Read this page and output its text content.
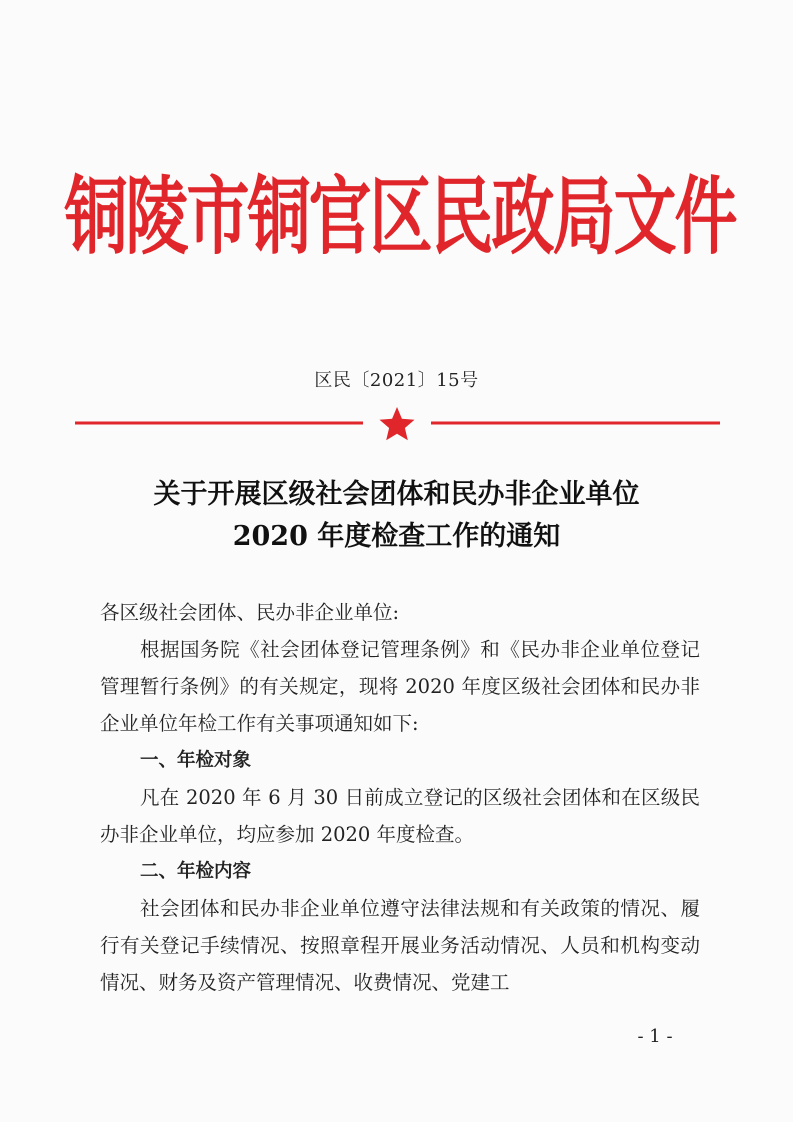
铜陵市铜官区民政局文件
区民〔2021〕15号
关于开展区级社会团体和民办非企业单位
2020 年度检查工作的通知

各区级社会团体、民办非企业单位:

根据国务院《社会团体登记管理条例》和《民办非企业单位登记管理暂行条例》的有关规定，现将 2020 年度区级社会团体和民办非企业单位年检工作有关事项通知如下:

一、年检对象

凡在 2020 年 6 月 30 日前成立登记的区级社会团体和在区级民办非企业单位，均应参加 2020 年度检查。

二、年检内容

社会团体和民办非企业单位遵守法律法规和有关政策的情况、履行有关登记手续情况、按照章程开展业务活动情况、人员和机构变动情况、财务及资产管理情况、收费情况、党建工

- 1 -
